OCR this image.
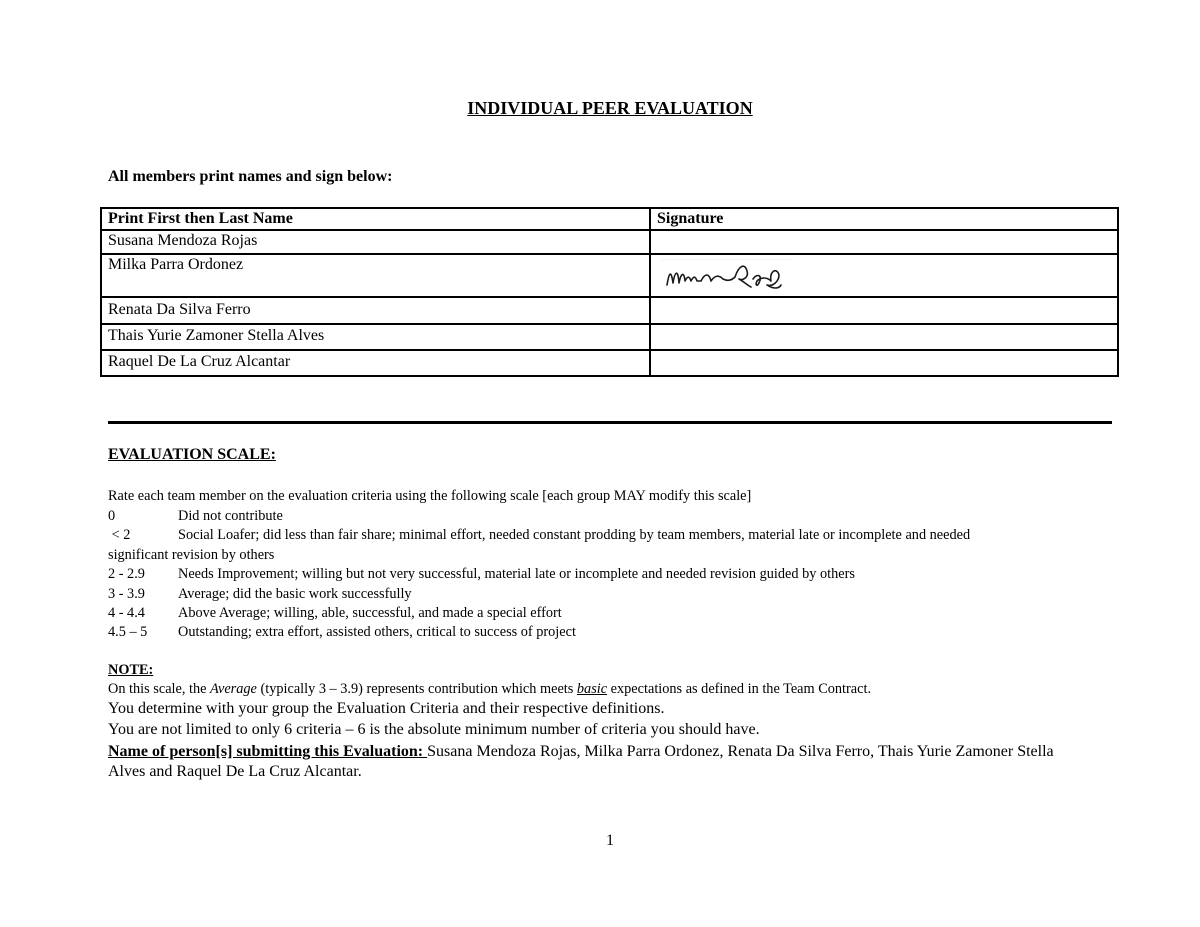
INDIVIDUAL PEER EVALUATION
All members print names and sign below:
Print First then Last Name	Signature
Susana Mendoza Rojas	
Milka Parra Ordonez	

Renata Da Silva Ferro	
Thais Yurie Zamoner Stella Alves	
Raquel De La Cruz Alcantar	
EVALUATION SCALE:
Rate each team member on the evaluation criteria using the following scale [each group MAY modify this scale]
0	Did not contribute
< 2	Social Loafer; did less than fair share; minimal effort, needed constant prodding by team members, material late or incomplete and needed
significant revision by others
2 - 2.9 Needs Improvement; willing but not very successful, material late or incomplete and needed revision guided by others
3 - 3.9 Average; did the basic work successfully
4 - 4.4 Above Average; willing, able, successful, and made a special effort
4.5 – 5 Outstanding; extra effort, assisted others, critical to success of project
NOTE:
On this scale, the Average (typically 3 – 3.9) represents contribution which meets basic expectations as defined in the Team Contract.
You determine with your group the Evaluation Criteria and their respective definitions.
You are not limited to only 6 criteria – 6 is the absolute minimum number of criteria you should have.
Name of person[s] submitting this Evaluation: Susana Mendoza Rojas, Milka Parra Ordonez, Renata Da Silva Ferro, Thais Yurie Zamoner Stella Alves and Raquel De La Cruz Alcantar.
1
